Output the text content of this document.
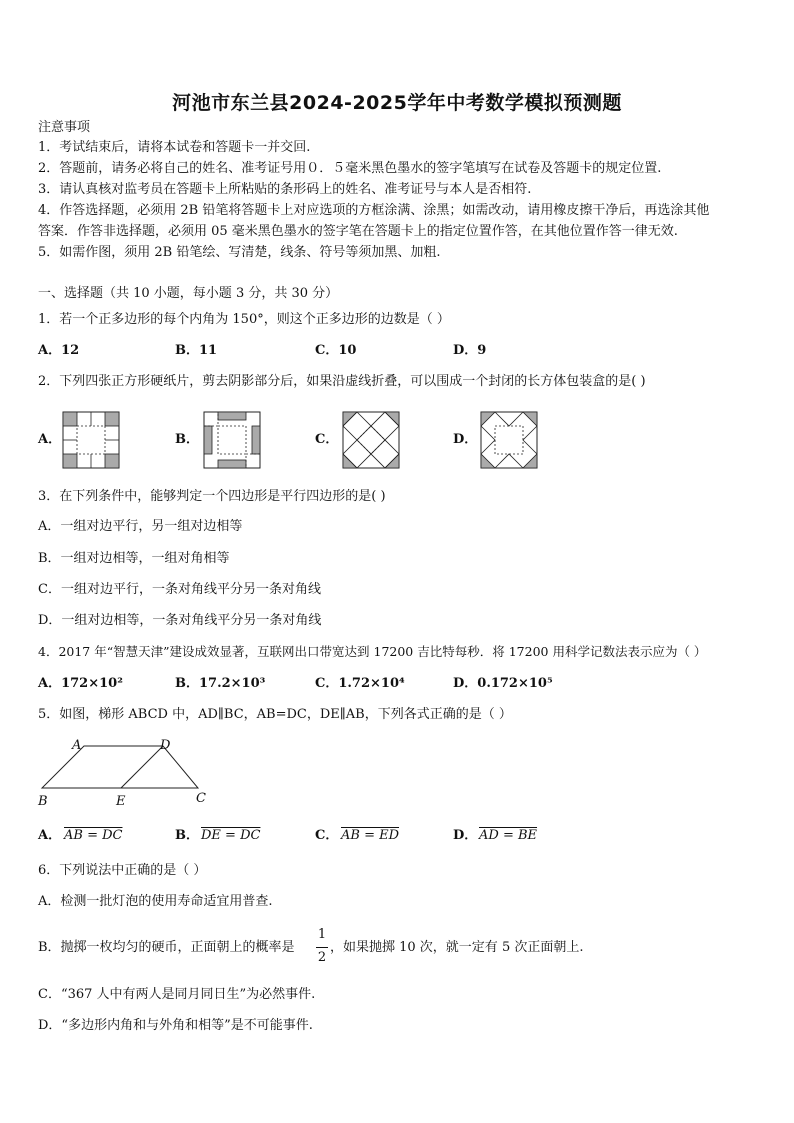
河池市东兰县2024-2025学年中考数学模拟预测题
注意事项
1．考试结束后，请将本试卷和答题卡一并交回.
2．答题前，请务必将自己的姓名、准考证号用０．５毫米黑色墨水的签字笔填写在试卷及答题卡的规定位置.
3．请认真核对监考员在答题卡上所粘贴的条形码上的姓名、准考证号与本人是否相符.
4．作答选择题，必须用 2B 铅笔将答题卡上对应选项的方框涂满、涂黑；如需改动，请用橡皮擦干净后，再选涂其他
答案．作答非选择题，必须用 05 毫米黑色墨水的签字笔在答题卡上的指定位置作答，在其他位置作答一律无效.
5．如需作图，须用 2B 铅笔绘、写清楚，线条、符号等须加黑、加粗.
一、选择题（共 10 小题，每小题 3 分，共 30 分）
1．若一个正多边形的每个内角为 150°，则这个正多边形的边数是（ ）
A．12	B．11	C．10	D．9
2．下列四张正方形硬纸片，剪去阴影部分后，如果沿虚线折叠，可以围成一个封闭的长方体包装盒的是( )
A．	B．	C．	D．
3．在下列条件中，能够判定一个四边形是平行四边形的是( )
A．一组对边平行，另一组对边相等
B．一组对边相等，一组对角相等
C．一组对边平行，一条对角线平分另一条对角线
D．一组对边相等，一条对角线平分另一条对角线
4．2017 年“智慧天津”建设成效显著，互联网出口带宽达到 17200 吉比特每秒．将 17200 用科学记数法表示应为（ ）
A．172×10²	B．17.2×10³	C．1.72×10⁴	D．0.172×10⁵
5．如图，梯形 ABCD 中，AD∥BC，AB=DC，DE∥AB，下列各式正确的是（ ）
A	D
B	E	C
A． AB = DC	B． DE = DC	C． AB = ED	D． AD = BE
6．下列说法中正确的是（ ）
A．检测一批灯泡的使用寿命适宜用普查.
B．抛掷一枚均匀的硬币，正面朝上的概率是
1
2
，如果抛掷 10 次，就一定有 5 次正面朝上.
C．“367 人中有两人是同月同日生”为必然事件.
D．“多边形内角和与外角和相等”是不可能事件.
